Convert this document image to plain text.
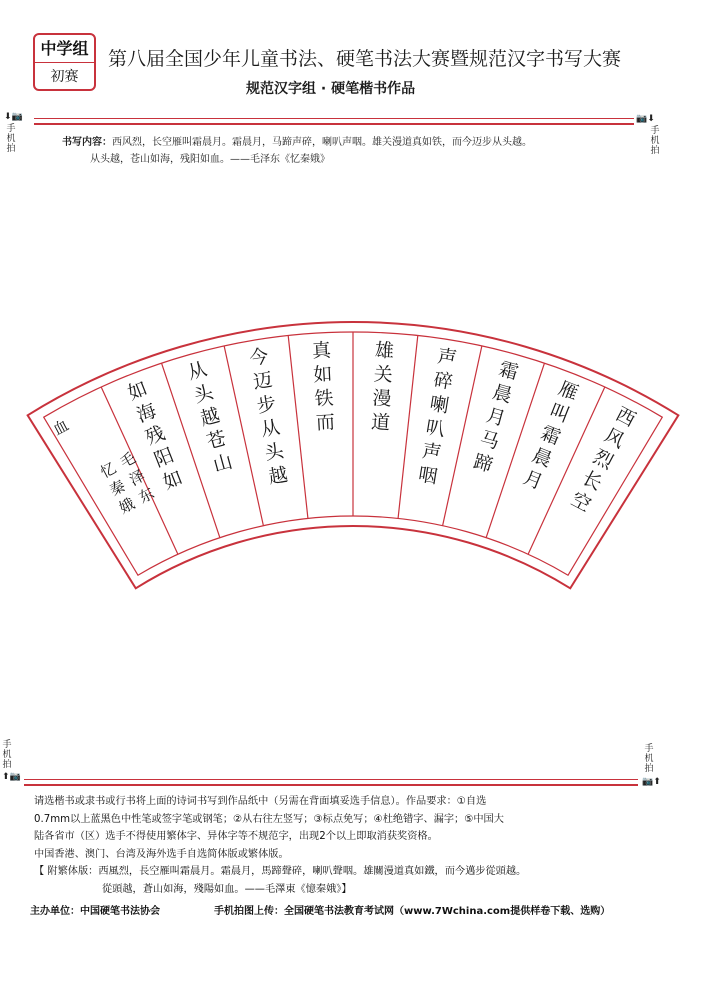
中学组
初赛
第八届全国少年儿童书法、硬笔书法大赛暨规范汉字书写大赛
规范汉字组 · 硬笔楷书作品
⬇📷
手机拍
📷⬇
手机拍
书写内容：西风烈，长空雁叫霜晨月。霜晨月，马蹄声碎，喇叭声咽。雄关漫道真如铁，而今迈步从头越。
从头越，苍山如海，残阳如血。——毛泽东《忆秦娥》
西
风
烈
长
空
雁
叫
霜
晨
月
霜
晨
月
马
蹄
声
碎
喇
叭
声
咽
雄
关
漫
道
真
如
铁
而
今
迈
步
从
头
越
从
头
越
苍
山
如
海
残
阳
如
血
忆
秦
娥
毛
泽
东
手机拍
⬆📷
手机拍
📷⬆
请选楷书或隶书或行书将上面的诗词书写到作品纸中（另需在背面填妥选手信息）。作品要求：①自选
0.7mm以上蓝黑色中性笔或签字笔或钢笔；②从右往左竖写；③标点免写；④杜绝错字、漏字；⑤中国大
陆各省市（区）选手不得使用繁体字、异体字等不规范字，出现2个以上即取消获奖资格。
中国香港、澳门、台湾及海外选手自选简体版或繁体版。
【 附繁体版：西風烈，長空雁叫霜晨月。霜晨月，馬蹄聲碎，喇叭聲咽。雄關漫道真如鐵，而今邁步從頭越。
從頭越，蒼山如海，殘陽如血。——毛澤東《憶秦娥》】
主办单位：中国硬笔书法协会	手机拍图上传：全国硬笔书法教育考试网（www.7Wchina.com提供样卷下载、选购）
